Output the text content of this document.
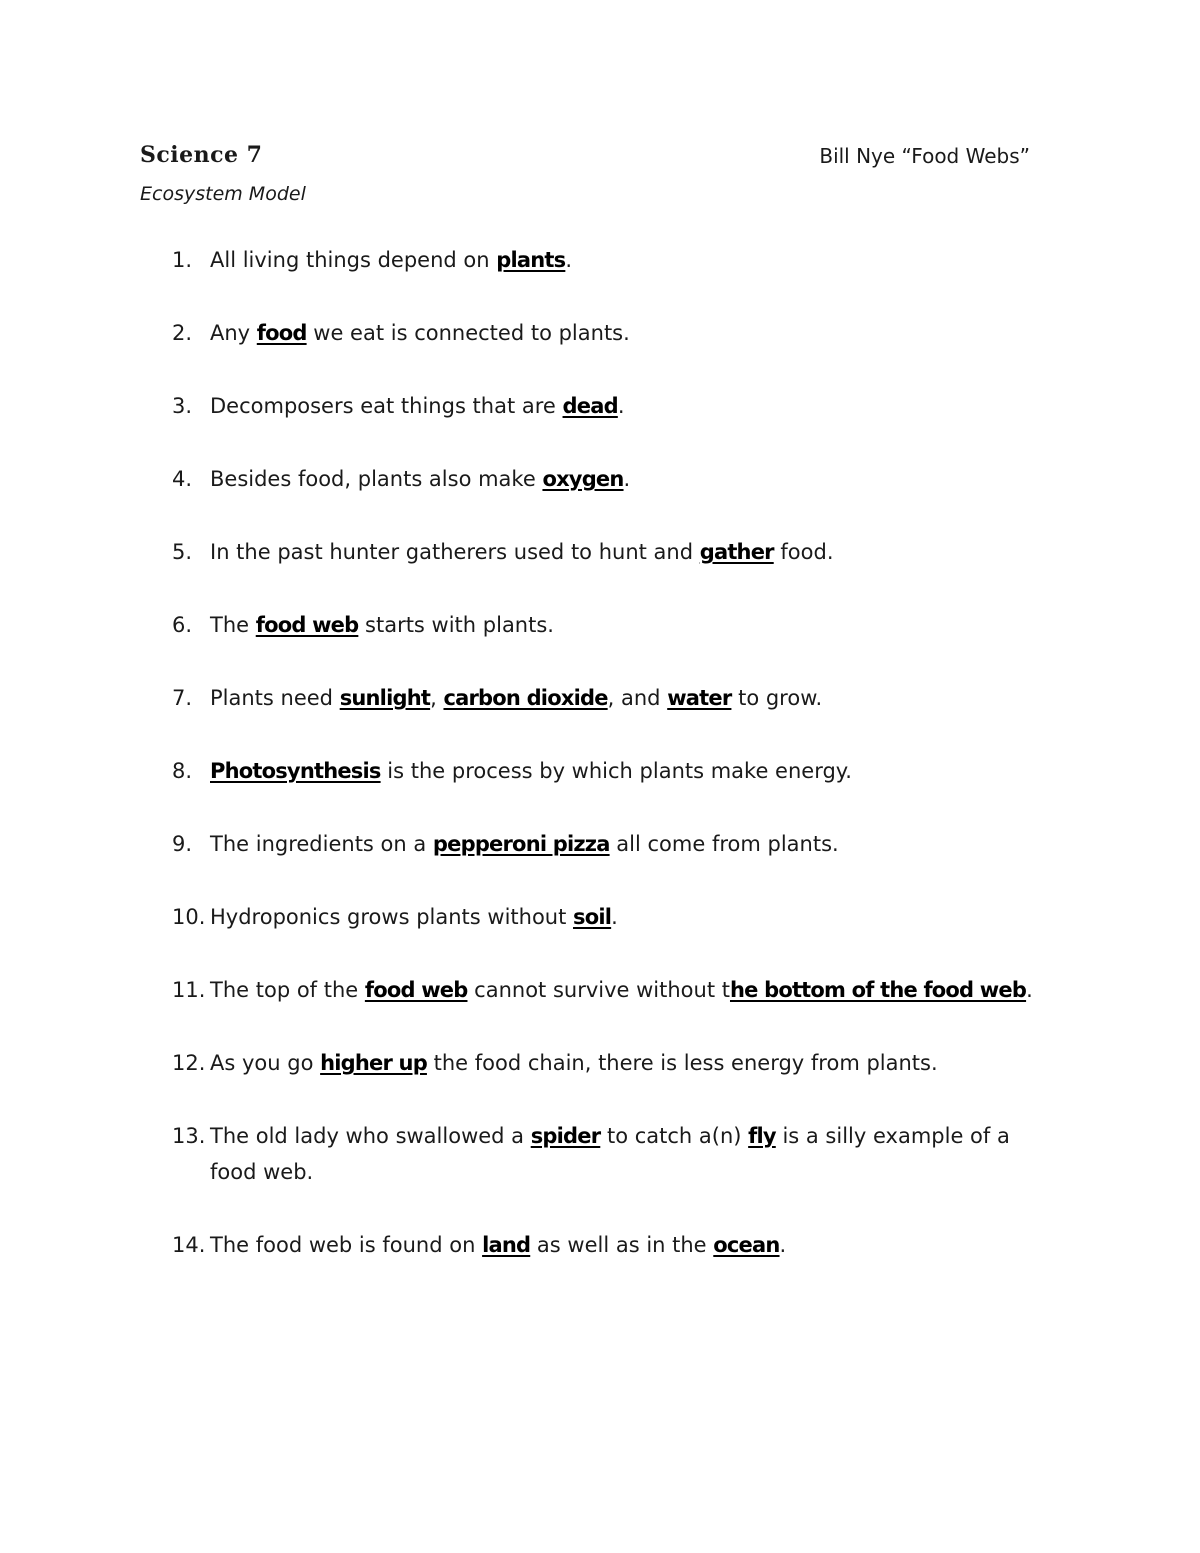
Science 7	Bill Nye “Food Webs”
Ecosystem Model
1. All living things depend on plants.
2. Any food we eat is connected to plants.
3. Decomposers eat things that are dead.
4. Besides food, plants also make oxygen.
5. In the past hunter gatherers used to hunt and gather food.
6. The food web starts with plants.
7. Plants need sunlight, carbon dioxide, and water to grow.
8. Photosynthesis is the process by which plants make energy.
9. The ingredients on a pepperoni pizza all come from plants.
10. Hydroponics grows plants without soil.
11. The top of the food web cannot survive without the bottom of the food web.
12. As you go higher up the food chain, there is less energy from plants.
13. The old lady who swallowed a spider to catch a(n) fly is a silly example of a food web.
14. The food web is found on land as well as in the ocean.
